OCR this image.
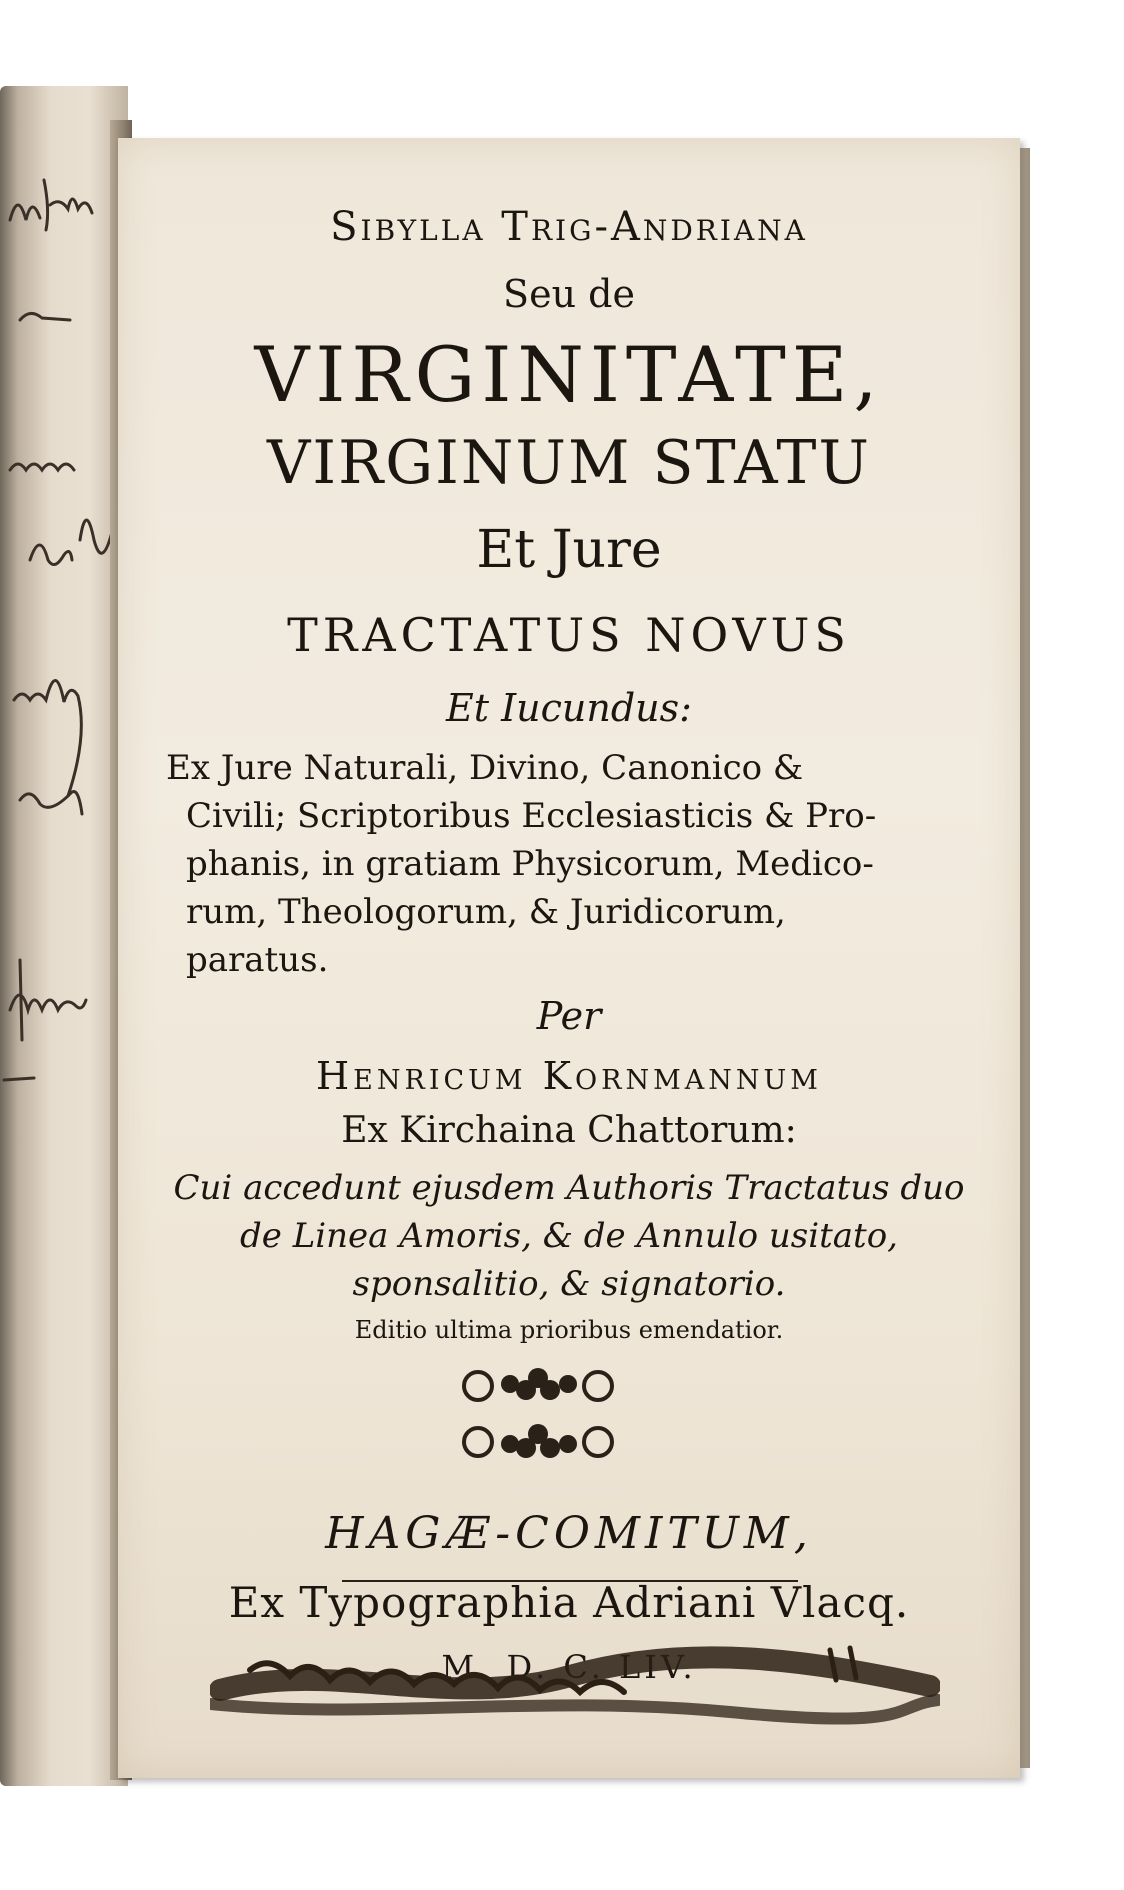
Sibylla Trig-Andriana
Seu de
VIRGINITATE,
VIRGINUM STATU
Et Jure
TRACTATUS NOVUS
Et Iucundus:
Ex Jure Naturali, Divino, Canonico &
Civili; Scriptoribus Ecclesiasticis & Pro-
phanis, in gratiam Physicorum, Medico-
rum, Theologorum, & Juridicorum,
paratus.
Per
Henricum Kornmannum
Ex Kirchaina Chattorum:
Cui accedunt ejusdem Authoris Tractatus duo
de Linea Amoris, & de Annulo usitato,
sponsalitio, & signatorio.
Editio ultima prioribus emendatior.
HAGÆ-COMITUM,
Ex Typographia Adriani Vlacq.
M. D. C. LIV.
